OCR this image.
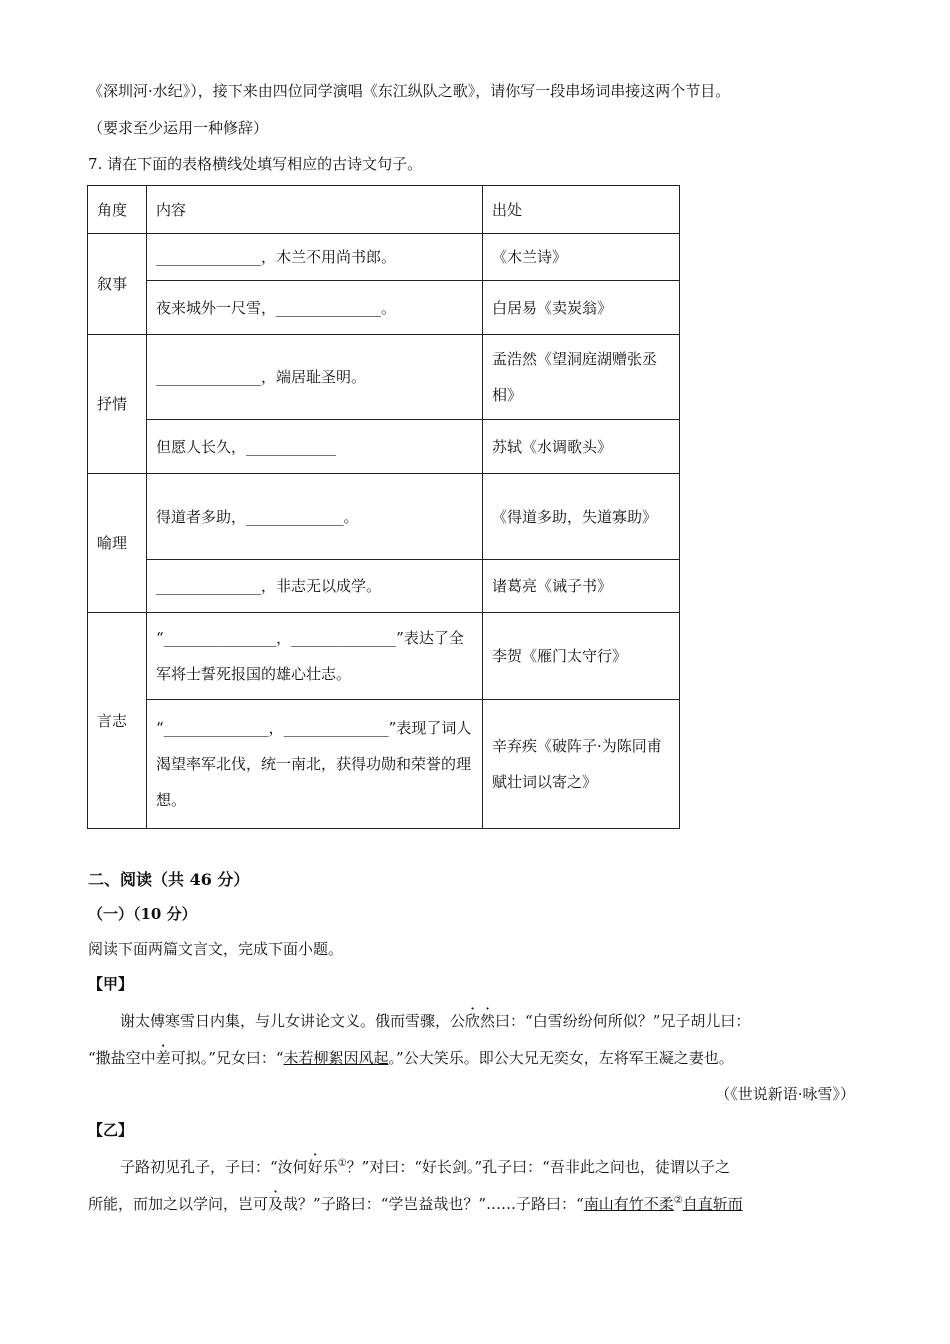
《深圳河·水纪》），接下来由四位同学演唱《东江纵队之歌》，请你写一段串场词串接这两个节目。
（要求至少运用一种修辞）
7. 请在下面的表格横线处填写相应的古诗文句子。
角度	内容	出处
叙事	______________，木兰不用尚书郎。	《木兰诗》
	夜来城外一尺雪，______________。	白居易《卖炭翁》
抒情	______________，端居耻圣明。	孟浩然《望洞庭湖赠张丞相》
	但愿人长久，____________	苏轼《水调歌头》
喻理	得道者多助，_____________。	《得道多助，失道寡助》
	______________，非志无以成学。	诸葛亮《诫子书》
言志	“_______________，______________”表达了全军将士誓死报国的雄心壮志。	李贺《雁门太守行》
	“______________，______________”表现了词人渴望率军北伐，统一南北，获得功勋和荣誉的理想。	辛弃疾《破阵子·为陈同甫赋壮词以寄之》
二、阅读（共 46 分）
（一）（10 分）
阅读下面两篇文言文，完成下面小题。
【甲】
谢太傅寒雪日内集，与儿女讲论文义。俄而雪骤，公欣然曰：“白雪纷纷何所似？”兄子胡儿曰：
“撒盐空中差可拟。”兄女曰：“未若柳絮因风起。”公大笑乐。即公大兄无奕女，左将军王凝之妻也。
（《世说新语·咏雪》）
【乙】
子路初见孔子，子曰：“汝何好乐①？”对曰：“好长剑。”孔子曰：“吾非此之问也，徒谓以子之
所能，而加之以学问，岂可及哉？”子路曰：“学岂益哉也？”……子路曰：“南山有竹不柔②自直斩而
